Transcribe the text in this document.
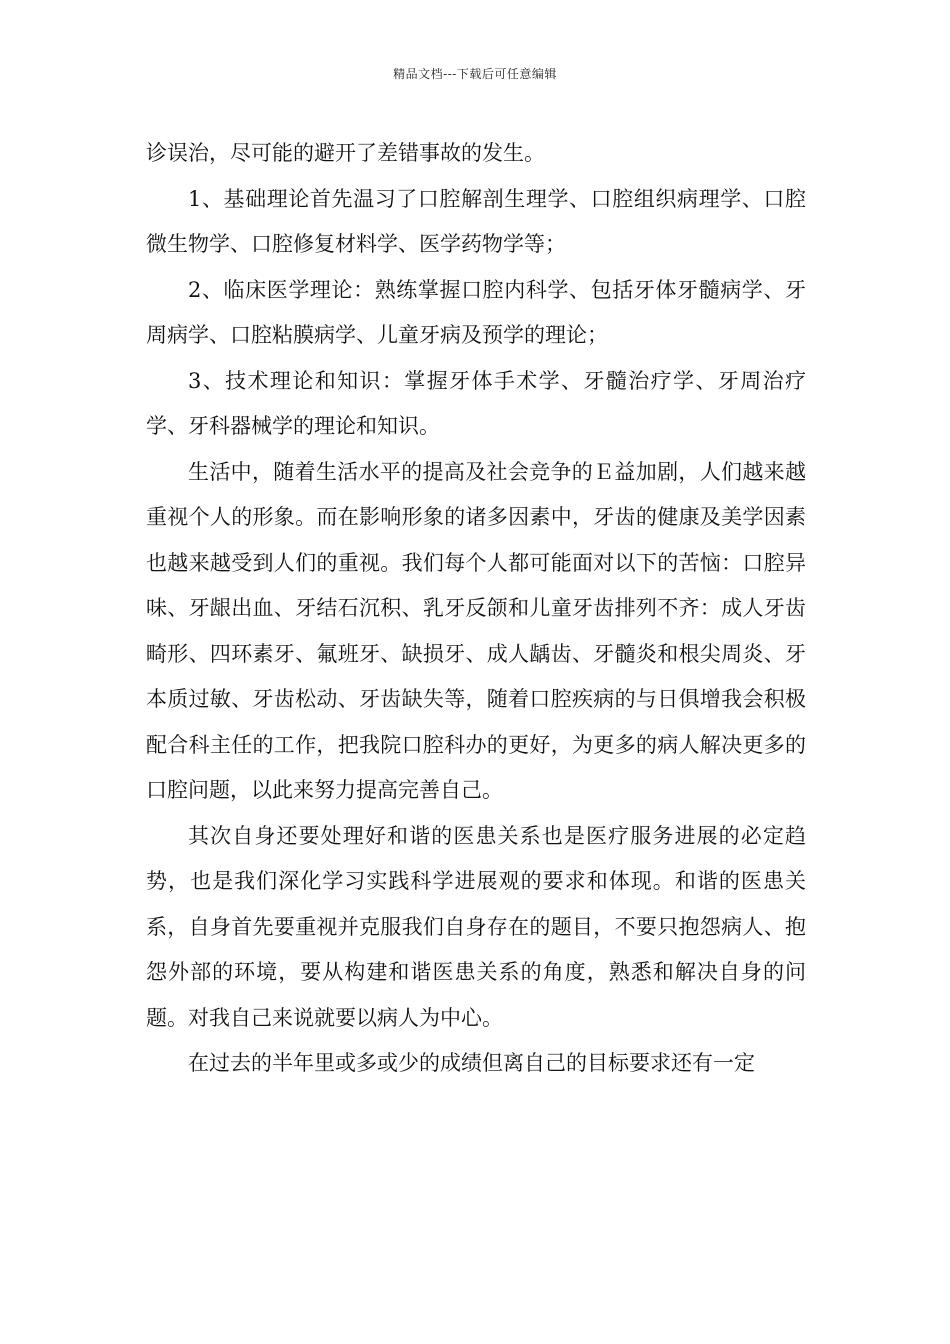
精品文档---下载后可任意编辑

诊误治，尽可能的避开了差错事故的发生。

1、基础理论首先温习了口腔解剖生理学、口腔组织病理学、口腔微生物学、口腔修复材料学、医学药物学等；

2、临床医学理论：熟练掌握口腔内科学、包括牙体牙髓病学、牙周病学、口腔粘膜病学、儿童牙病及预学的理论；

3、技术理论和知识：掌握牙体手术学、牙髓治疗学、牙周治疗学、牙科器械学的理论和知识。

生活中，随着生活水平的提高及社会竞争的Ｅ益加剧，人们越来越重视个人的形象。而在影响形象的诸多因素中，牙齿的健康及美学因素也越来越受到人们的重视。我们每个人都可能面对以下的苦恼：口腔异味、牙龈出血、牙结石沉积、乳牙反颌和儿童牙齿排列不齐：成人牙齿畸形、四环素牙、氟班牙、缺损牙、成人龋齿、牙髓炎和根尖周炎、牙本质过敏、牙齿松动、牙齿缺失等，随着口腔疾病的与日俱增我会积极配合科主任的工作，把我院口腔科办的更好，为更多的病人解决更多的口腔问题，以此来努力提高完善自己。

其次自身还要处理好和谐的医患关系也是医疗服务进展的必定趋势，也是我们深化学习实践科学进展观的要求和体现。和谐的医患关系，自身首先要重视并克服我们自身存在的题目，不要只抱怨病人、抱怨外部的环境，要从构建和谐医患关系的角度，熟悉和解决自身的问题。对我自己来说就要以病人为中心。

在过去的半年里或多或少的成绩但离自己的目标要求还有一定
